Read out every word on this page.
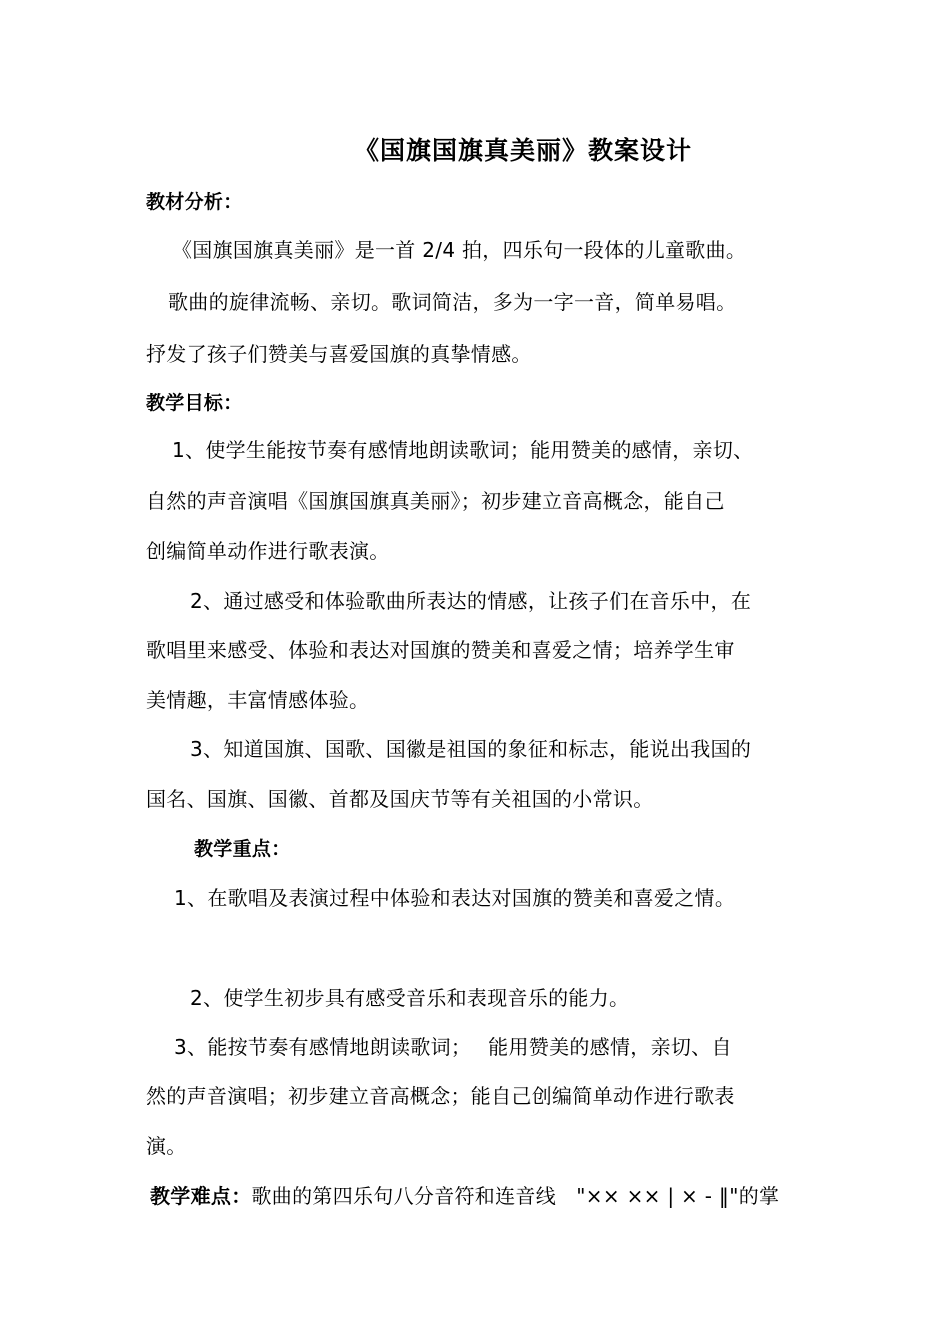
《国旗国旗真美丽》教案设计
教材分析：
《国旗国旗真美丽》是一首 2/4 拍，四乐句一段体的儿童歌曲。
歌曲的旋律流畅、亲切。歌词简洁，多为一字一音，简单易唱。
抒发了孩子们赞美与喜爱国旗的真挚情感。
教学目标：
1、使学生能按节奏有感情地朗读歌词；能用赞美的感情，亲切、
自然的声音演唱《国旗国旗真美丽》；初步建立音高概念，能自己
创编简单动作进行歌表演。
2、通过感受和体验歌曲所表达的情感，让孩子们在音乐中，在
歌唱里来感受、体验和表达对国旗的赞美和喜爱之情；培养学生审
美情趣，丰富情感体验。
3、知道国旗、国歌、国徽是祖国的象征和标志，能说出我国的
国名、国旗、国徽、首都及国庆节等有关祖国的小常识。
教学重点：
1、在歌唱及表演过程中体验和表达对国旗的赞美和喜爱之情。
2、使学生初步具有感受音乐和表现音乐的能力。
3、能按节奏有感情地朗读歌词；　 能用赞美的感情，亲切、自
然的声音演唱；初步建立音高概念；能自己创编简单动作进行歌表
演。
教学难点：歌曲的第四乐句八分音符和连音线　"×× ×× | × - ‖"的掌
